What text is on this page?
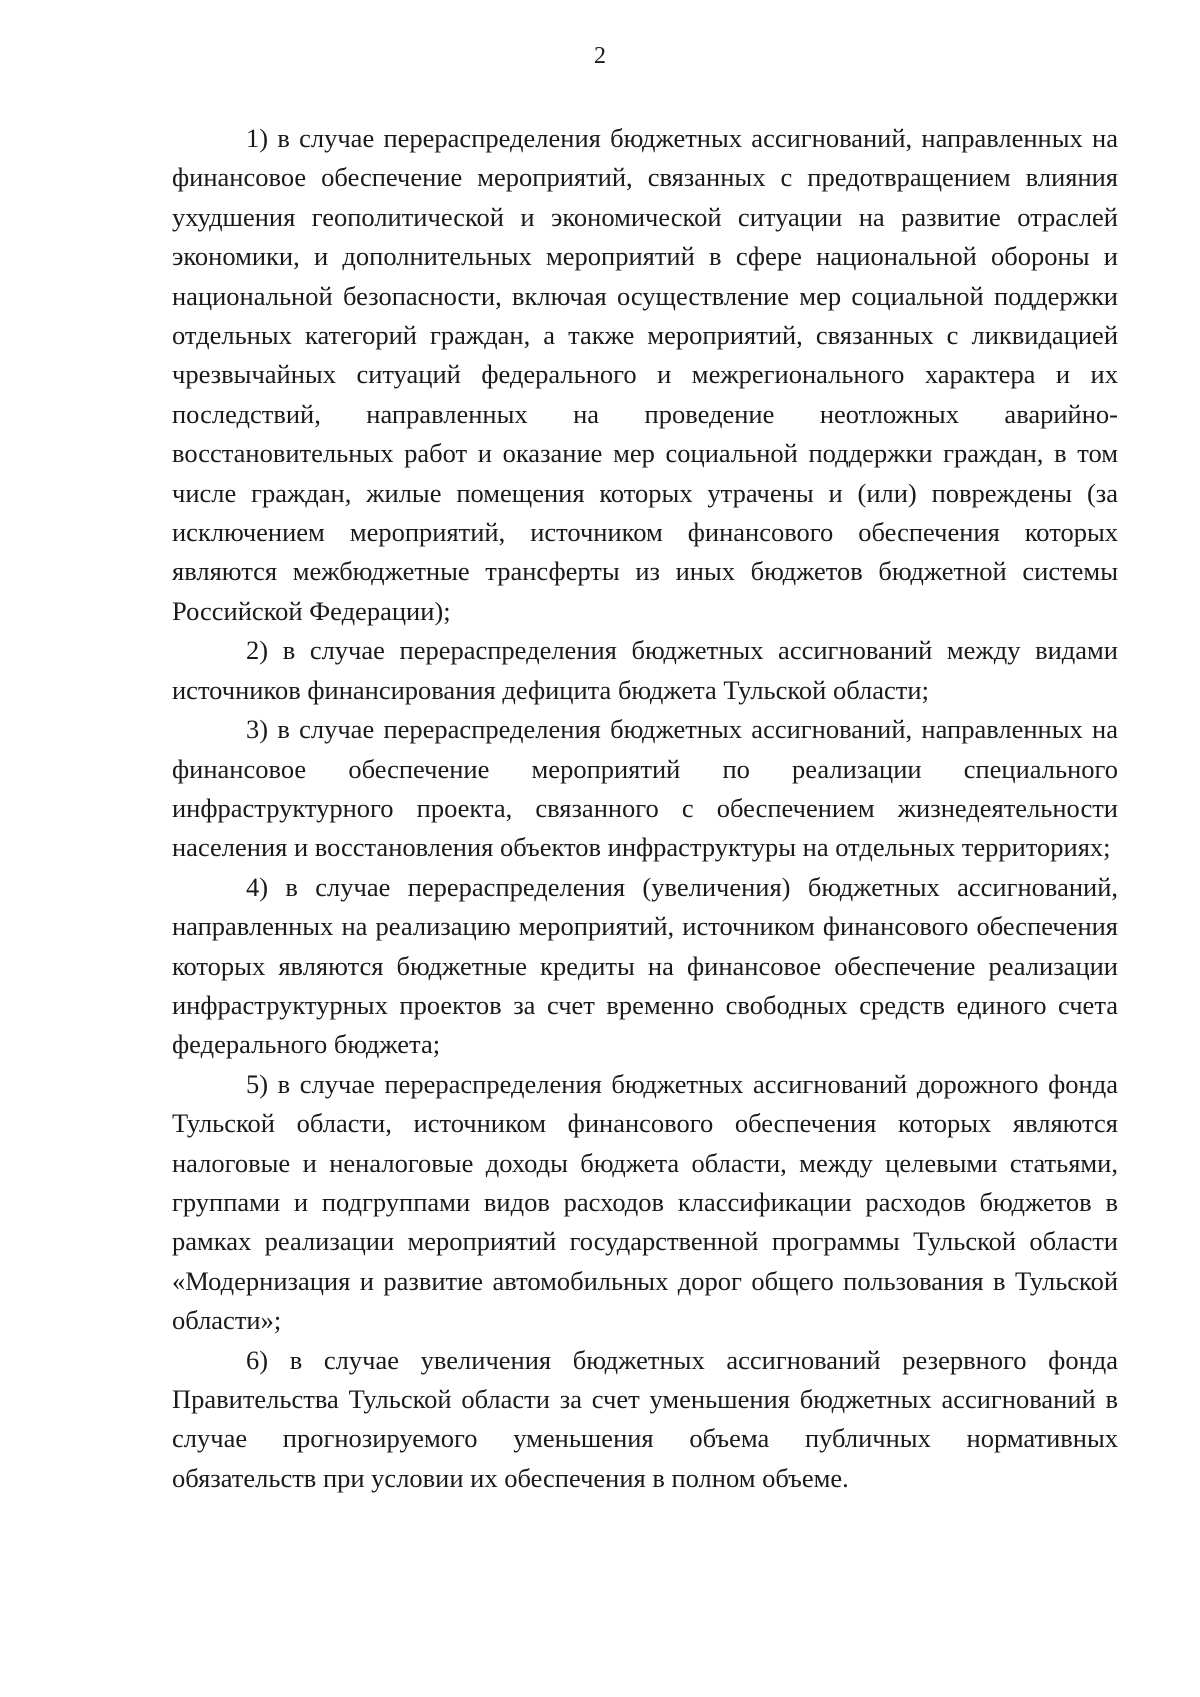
2

1) в случае перераспределения бюджетных ассигнований, направленных на финансовое обеспечение мероприятий, связанных с предотвращением влияния ухудшения геополитической и экономической ситуации на развитие отраслей экономики, и дополнительных мероприятий в сфере национальной обороны и национальной безопасности, включая осуществление мер социальной поддержки отдельных категорий граждан, а также мероприятий, связанных с ликвидацией чрезвычайных ситуаций федерального и межрегионального характера и их последствий, направленных на проведение неотложных аварийно-восстановительных работ и оказание мер социальной поддержки граждан, в том числе граждан, жилые помещения которых утрачены и (или) повреждены (за исключением мероприятий, источником финансового обеспечения которых являются межбюджетные трансферты из иных бюджетов бюджетной системы Российской Федерации);

2) в случае перераспределения бюджетных ассигнований между видами источников финансирования дефицита бюджета Тульской области;

3) в случае перераспределения бюджетных ассигнований, направленных на финансовое обеспечение мероприятий по реализации специального инфраструктурного проекта, связанного с обеспечением жизнедеятельности населения и восстановления объектов инфраструктуры на отдельных территориях;

4) в случае перераспределения (увеличения) бюджетных ассигнований, направленных на реализацию мероприятий, источником финансового обеспечения которых являются бюджетные кредиты на финансовое обеспечение реализации инфраструктурных проектов за счет временно свободных средств единого счета федерального бюджета;

5) в случае перераспределения бюджетных ассигнований дорожного фонда Тульской области, источником финансового обеспечения которых являются налоговые и неналоговые доходы бюджета области, между целевыми статьями, группами и подгруппами видов расходов классификации расходов бюджетов в рамках реализации мероприятий государственной программы Тульской области «Модернизация и развитие автомобильных дорог общего пользования в Тульской области»;

6) в случае увеличения бюджетных ассигнований резервного фонда Правительства Тульской области за счет уменьшения бюджетных ассигнований в случае прогнозируемого уменьшения объема публичных нормативных обязательств при условии их обеспечения в полном объеме.
